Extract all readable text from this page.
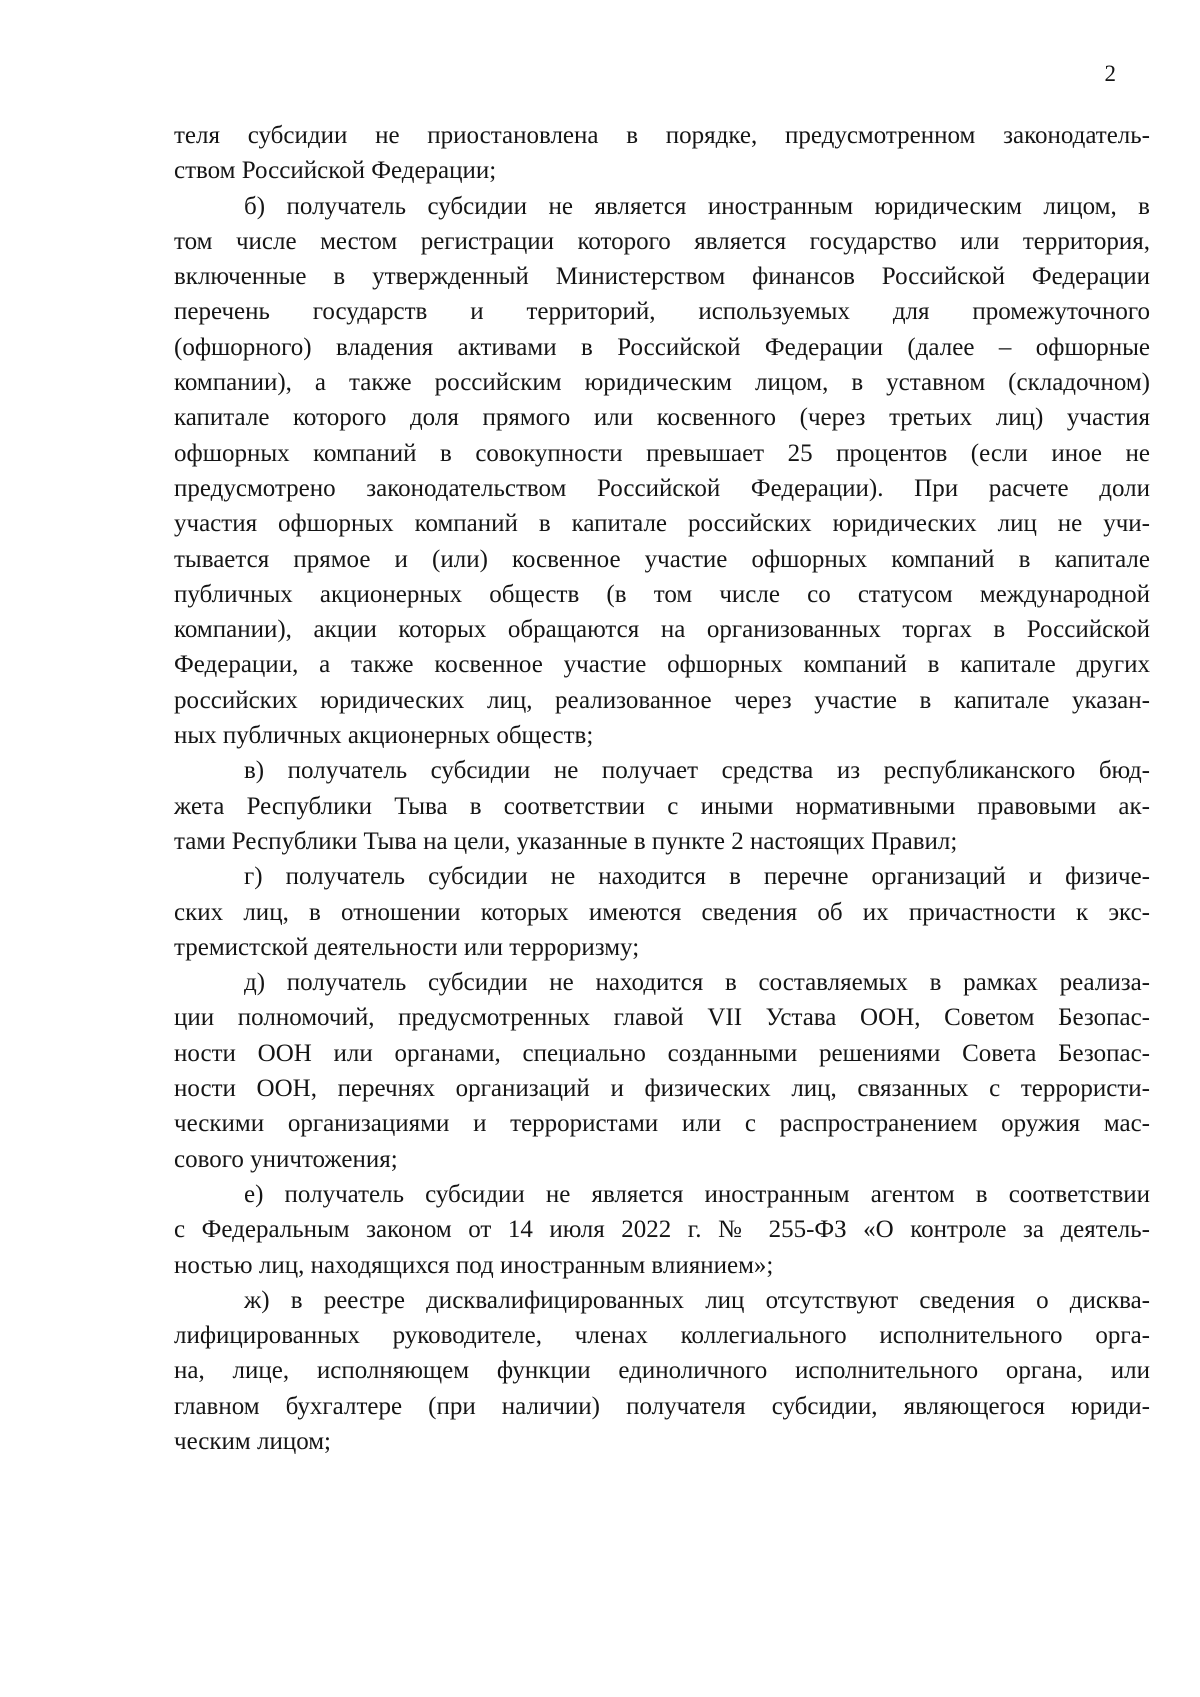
2
теля субсидии не приостановлена в порядке, предусмотренном законодатель-
ством Российской Федерации;
б) получатель субсидии не является иностранным юридическим лицом, в
том числе местом регистрации которого является государство или территория,
включенные в утвержденный Министерством финансов Российской Федерации
перечень государств и территорий, используемых для промежуточного
(офшорного) владения активами в Российской Федерации (далее – офшорные
компании), а также российским юридическим лицом, в уставном (складочном)
капитале которого доля прямого или косвенного (через третьих лиц) участия
офшорных компаний в совокупности превышает 25 процентов (если иное не
предусмотрено законодательством Российской Федерации). При расчете доли
участия офшорных компаний в капитале российских юридических лиц не учи-
тывается прямое и (или) косвенное участие офшорных компаний в капитале
публичных акционерных обществ (в том числе со статусом международной
компании), акции которых обращаются на организованных торгах в Российской
Федерации, а также косвенное участие офшорных компаний в капитале других
российских юридических лиц, реализованное через участие в капитале указан-
ных публичных акционерных обществ;
в) получатель субсидии не получает средства из республиканского бюд-
жета Республики Тыва в соответствии с иными нормативными правовыми ак-
тами Республики Тыва на цели, указанные в пункте 2 настоящих Правил;
г) получатель субсидии не находится в перечне организаций и физиче-
ских лиц, в отношении которых имеются сведения об их причастности к экс-
тремистской деятельности или терроризму;
д) получатель субсидии не находится в составляемых в рамках реализа-
ции полномочий, предусмотренных главой VII Устава ООН, Советом Безопас-
ности ООН или органами, специально созданными решениями Совета Безопас-
ности ООН, перечнях организаций и физических лиц, связанных с террористи-
ческими организациями и террористами или с распространением оружия мас-
сового уничтожения;
е) получатель субсидии не является иностранным агентом в соответствии
с Федеральным законом от 14 июля 2022 г. № 255-ФЗ «О контроле за деятель-
ностью лиц, находящихся под иностранным влиянием»;
ж) в реестре дисквалифицированных лиц отсутствуют сведения о дисква-
лифицированных руководителе, членах коллегиального исполнительного орга-
на, лице, исполняющем функции единоличного исполнительного органа, или
главном бухгалтере (при наличии) получателя субсидии, являющегося юриди-
ческим лицом;
